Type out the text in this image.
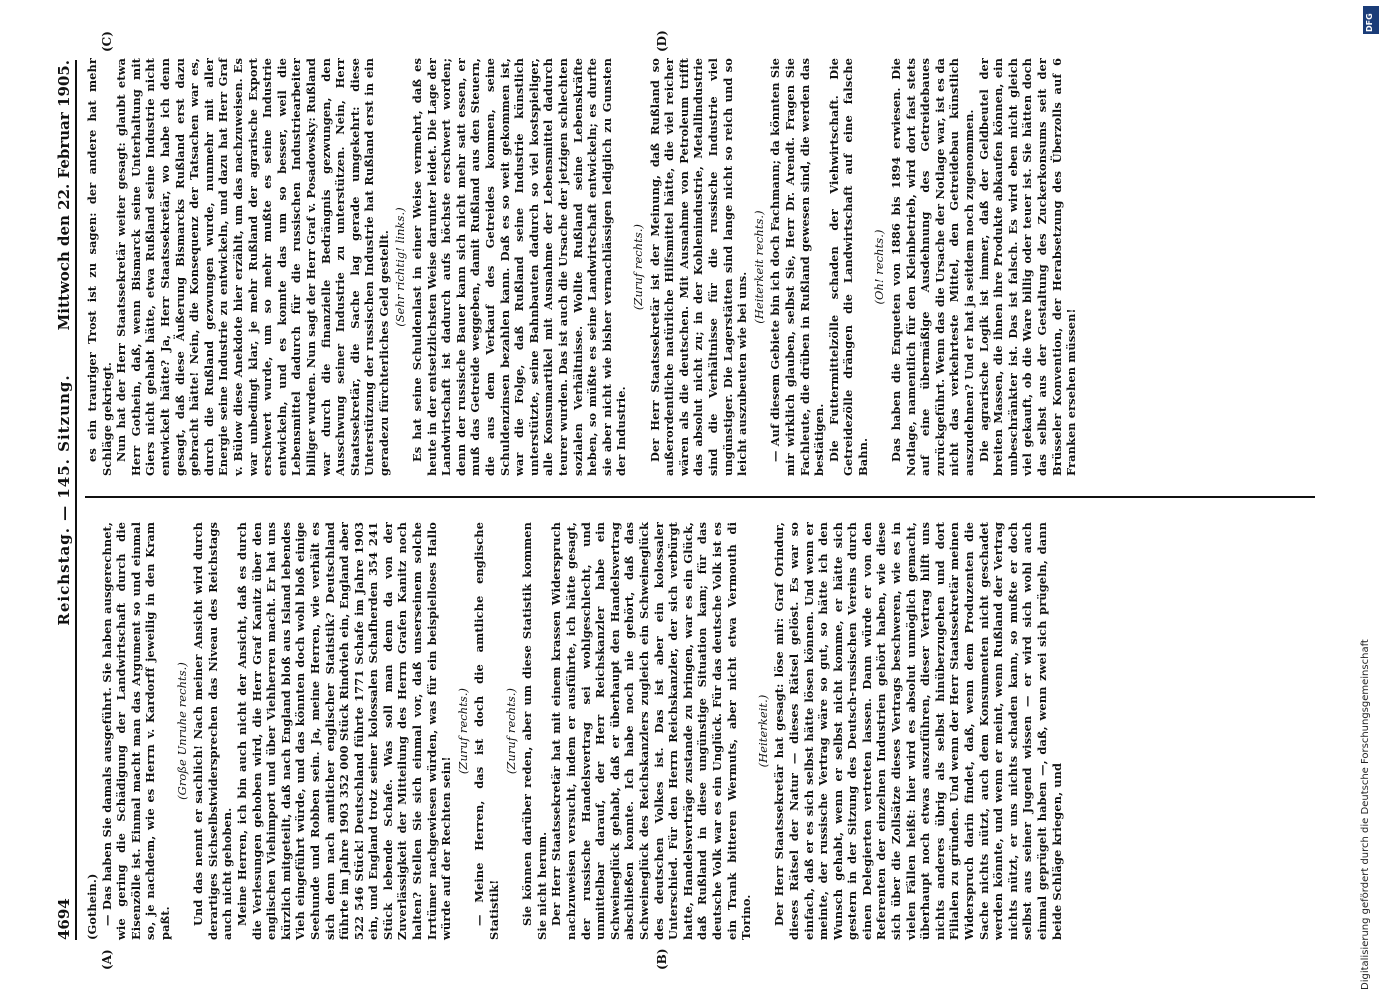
4694
Reichstag. — 145. Sitzung.
Mittwoch den 22. Februar 1905.
(A)	(B)
(C)	(D)

(Gothein.) — Das haben Sie damals ausgeführt. Sie haben ausgerechnet, wie gering die Schädigung der Landwirtschaft durch die Eisenzölle ist. Einmal macht man das Argument so und einmal so, je nachdem, wie es Herrn v. Kardorff jeweilig in den Kram paßt.

(Große Unruhe rechts.) Und das nennt er sachlich! Nach meiner Ansicht wird durch derartiges Sichselbstwidersprechen das Niveau des Reichstags auch nicht gehoben. Meine Herren, ich bin auch nicht der Ansicht, daß es durch die Verlesungen gehoben wird, die Herr Graf Kanitz über den englischen Viehimport und über Viehherren macht. Er hat uns kürzlich mitgeteilt, daß nach England bloß aus Island lebendes Vieh eingeführt würde, und das könnten doch wohl bloß einige Seehunde und Robben sein. Ja, meine Herren, wie verhält es sich denn nach amtlicher englischer Statistik? Deutschland führte im Jahre 1903 352 000 Stück Rindvieh ein, England aber 522 546 Stück! Deutschland führte 1771 Schafe im Jahre 1903 ein, und England trotz seiner kolossalen Schafherden 354 241 Stück lebende Schafe. Was soll man denn da von der Zuverlässigkeit der Mitteilung des Herrn Grafen Kanitz noch halten? Stellen Sie sich einmal vor, daß unserseinem solche Irrtümer nachgewiesen würden, was für ein beispielloses Hallo würde auf der Rechten sein!

(Zuruf rechts.) — Meine Herren, das ist doch die amtliche englische Statistik!

(Zuruf rechts.) Sie können darüber reden, aber um diese Statistik kommen Sie nicht herum. Der Herr Staatssekretär hat mit einem krassen Widerspruch nachzuweisen versucht, indem er ausführte, ich hätte gesagt, der russische Handelsvertrag sei wohlgeschlecht, und unmittelbar darauf, der Herr Reichskanzler habe ein Schweineglück gehabt, daß er überhaupt den Handelsvertrag abschließen konnte. Ich habe noch nie gehört, daß das Schweineglück des Reichskanzlers zugleich ein Schweineglück des deutschen Volkes ist. Das ist aber ein kolossaler Unterschied. Für den Herrn Reichskanzler, der sich verbürgt hatte, Handelsverträge zustande zu bringen, war es ein Glück, daß Rußland in diese ungünstige Situation kam; für das deutsche Volk war es ein Unglück. Für das deutsche Volk ist es ein Trank bitteren Wermuts, aber nicht etwa Vermouth di Torino.

(Heiterkeit.) Der Herr Staatssekretär hat gesagt: löse mir: Graf Orindur, dieses Rätsel der Natur — dieses Rätsel gelöst. Es war so einfach, daß er es sich selbst hätte lösen können. Und wenn er meinte, der russische Vertrag wäre so gut, so hätte ich den Wunsch gehabt, wenn er selbst nicht komme, er hätte sich gestern in der Sitzung des Deutsch-russischen Vereins durch einen Delegierten vertreten lassen. Dann würde er von den Referenten der einzelnen Industrien gehört haben, wie diese sich über die Zollsätze dieses Vertrags beschweren, wie es in vielen Fällen heißt: hier wird es absolut unmöglich gemacht, überhaupt noch etwas auszuführen, dieser Vertrag hilft uns nichts anderes übrig als selbst hinüberzugehen und dort Filialen zu gründen. Und wenn der Herr Staatssekretär meinen Widerspruch darin findet, daß, wenn dem Produzenten die Sache nichts nützt, auch dem Konsumenten nicht geschadet werden könnte, und wenn er meint, wenn Rußland der Vertrag nichts nützt, er uns nichts schaden kann, so mußte er doch selbst aus seiner Jugend wissen — er wird sich wohl auch einmal geprügelt haben —, daß, wenn zwei sich prügeln, dann beide Schläge kriegen, und

es ein trauriger Trost ist zu sagen: der andere hat mehr Schläge gekriegt. Nun hat der Herr Staatssekretär weiter gesagt: glaubt etwa Herr Gothein, daß, wenn Bismarck seine Unterhaltung mit Giers nicht gehabt hätte, etwa Rußland seine Industrie nicht entwickelt hätte? Ja, Herr Staatssekretär, wo habe ich denn gesagt, daß diese Äußerung Bismarcks Rußland erst dazu gebracht hätte! Nein, die Konsequenz der Tatsachen war es, durch die Rußland gezwungen wurde, nunmehr mit aller Energie seine Industrie zu entwickeln, und dazu hat Herr Graf v. Bülow diese Anekdote hier erzählt, um das nachzuweisen. Es war unbedingt klar, je mehr Rußland der agrarische Export erschwert wurde, um so mehr mußte es seine Industrie entwickeln, und es konnte das um so besser, weil die Lebensmittel dadurch für die russischen Industriearbeiter billiger wurden. Nun sagt der Herr Graf v. Posadowsky: Rußland war durch die finanzielle Bedrängnis gezwungen, den Ausschwung seiner Industrie zu unterstützen. Nein, Herr Staatssekretär, die Sache lag gerade umgekehrt: diese Unterstützung der russischen Industrie hat Rußland erst in ein geradezu fürchterliches Geld gestellt. (Sehr richtig! links.) Es hat seine Schuldenlast in einer Weise vermehrt, daß es heute in der entsetzlichsten Weise darunter leidet. Die Lage der Landwirtschaft ist dadurch aufs höchste erschwert worden; denn der russische Bauer kann sich nicht mehr satt essen, er muß das Getreide weggeben, damit Rußland aus den Steuern, die aus dem Verkauf des Getreides kommen, seine Schuldenzinsen bezahlen kann. Daß es so weit gekommen ist, war die Folge, daß Rußland seine Industrie künstlich unterstützte, seine Bahnbauten dadurch so viel kostspieliger, alle Konsumartikel mit Ausnahme der Lebensmittel dadurch teurer wurden. Das ist auch die Ursache der jetzigen schlechten sozialen Verhältnisse. Wollte Rußland seine Lebenskräfte heben, so müßte es seine Landwirtschaft entwickeln; es durfte sie aber nicht wie bisher vernachlässigen lediglich zu Gunsten der Industrie.

(Zuruf rechts.) Der Herr Staatssekretär ist der Meinung, daß Rußland so außerordentliche natürliche Hilfsmittel hätte, die viel reicher wären als die deutschen. Mit Ausnahme von Petroleum trifft das absolut nicht zu; in der Kohlenindustrie, Metallindustrie sind die Verhältnisse für die russische Industrie viel ungünstiger. Die Lagerstätten sind lange nicht so reich und so leicht auszubeuten wie bei uns.

(Heiterkeit rechts.) — Auf diesem Gebiete bin ich doch Fachmann; da könnten Sie mir wirklich glauben, selbst Sie, Herr Dr. Arendt. Fragen Sie Fachleute, die drüben in Rußland gewesen sind, die werden das bestätigen. Die Futtermittelzölle schaden der Viehwirtschaft. Die Getreidezölle drängen die Landwirtschaft auf eine falsche Bahn.

(Oh! rechts.) Das haben die Enqueten von 1886 bis 1894 erwiesen. Die Notlage, namentlich für den Kleinbetrieb, wird dort fast stets auf eine übermäßige Ausdehnung des Getreidebaues zurückgeführt. Wenn das die Ursache der Notlage war, ist es da nicht das verkehrteste Mittel, den Getreidebau künstlich auszudehnen? Und er hat ja seitdem noch zugenommen. Die agrarische Logik ist immer, daß der Geldbeutel der breiten Massen, die ihnen ihre Produkte abkaufen können, ein unbeschränkter ist. Das ist falsch. Es wird eben nicht gleich viel gekauft, ob die Ware billig oder teuer ist. Sie hätten doch das selbst aus der Gestaltung des Zuckerkonsums seit der Brüsseler Konvention, der Herabsetzung des Überzolls auf 6 Franken ersehen müssen!

Digitalisierung gefördert durch die Deutsche Forschungsgemeinschaft
DFG
